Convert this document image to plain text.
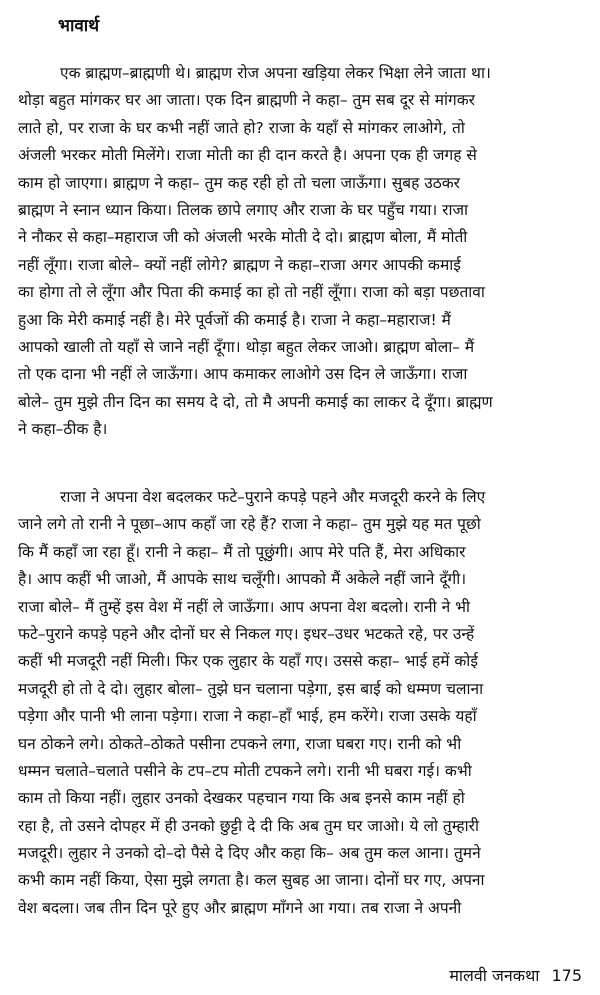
भावार्थ
एक ब्राह्मण–ब्राह्मणी थे। ब्राह्मण रोज अपना खड़िया लेकर भिक्षा लेने जाता था।
थोड़ा बहुत मांगकर घर आ जाता। एक दिन ब्राह्मणी ने कहा– तुम सब दूर से मांगकर
लाते हो, पर राजा के घर कभी नहीं जाते हो? राजा के यहाँ से मांगकर लाओगे, तो
अंजली भरकर मोती मिलेंगे। राजा मोती का ही दान करते है। अपना एक ही जगह से
काम हो जाएगा। ब्राह्मण ने कहा– तुम कह रही हो तो चला जाऊँगा। सुबह उठकर
ब्राह्मण ने स्नान ध्यान किया। तिलक छापे लगाए और राजा के घर पहुँच गया। राजा
ने नौकर से कहा–महाराज जी को अंजली भरके मोती दे दो। ब्राह्मण बोला, मैं मोती
नहीं लूँगा। राजा बोले– क्यों नहीं लोगे? ब्राह्मण ने कहा–राजा अगर आपकी कमाई
का होगा तो ले लूँगा और पिता की कमाई का हो तो नहीं लूँगा। राजा को बड़ा पछतावा
हुआ कि मेरी कमाई नहीं है। मेरे पूर्वजों की कमाई है। राजा ने कहा–महाराज! मैं
आपको खाली तो यहाँ से जाने नहीं दूँगा। थोड़ा बहुत लेकर जाओ। ब्राह्मण बोला– मैं
तो एक दाना भी नहीं ले जाऊँगा। आप कमाकर लाओगे उस दिन ले जाऊँगा। राजा
बोले– तुम मुझे तीन दिन का समय दे दो, तो मै अपनी कमाई का लाकर दे दूँगा। ब्राह्मण
ने कहा–ठीक है।
राजा ने अपना वेश बदलकर फटे–पुराने कपड़े पहने और मजदूरी करने के लिए
जाने लगे तो रानी ने पूछा–आप कहाँ जा रहे हैं? राजा ने कहा– तुम मुझे यह मत पूछो
कि मैं कहाँ जा रहा हूँ। रानी ने कहा– मैं तो पूछुंगी। आप मेरे पति हैं, मेरा अधिकार
है। आप कहीं भी जाओ, मैं आपके साथ चलूँगी। आपको मैं अकेले नहीं जाने दूँगी।
राजा बोले– मैं तुम्हें इस वेश में नहीं ले जाऊँगा। आप अपना वेश बदलो। रानी ने भी
फटे–पुराने कपड़े पहने और दोनों घर से निकल गए। इधर–उधर भटकते रहे, पर उन्हें
कहीं भी मजदूरी नहीं मिली। फिर एक लुहार के यहाँ गए। उससे कहा– भाई हमें कोई
मजदूरी हो तो दे दो। लुहार बोला– तुझे घन चलाना पड़ेगा, इस बाई को धम्मण चलाना
पड़ेगा और पानी भी लाना पड़ेगा। राजा ने कहा–हाँ भाई, हम करेंगे। राजा उसके यहाँ
घन ठोकने लगे। ठोकते–ठोकते पसीना टपकने लगा, राजा घबरा गए। रानी को भी
धम्मन चलाते–चलाते पसीने के टप–टप मोती टपकने लगे। रानी भी घबरा गई। कभी
काम तो किया नहीं। लुहार उनको देखकर पहचान गया कि अब इनसे काम नहीं हो
रहा है, तो उसने दोपहर में ही उनको छुट्टी दे दी कि अब तुम घर जाओ। ये लो तुम्हारी
मजदूरी। लुहार ने उनको दो–दो पैसे दे दिए और कहा कि– अब तुम कल आना। तुमने
कभी काम नहीं किया, ऐसा मुझे लगता है। कल सुबह आ जाना। दोनों घर गए, अपना
वेश बदला। जब तीन दिन पूरे हुए और ब्राह्मण माँगने आ गया। तब राजा ने अपनी
मालवी जनकथा 175
